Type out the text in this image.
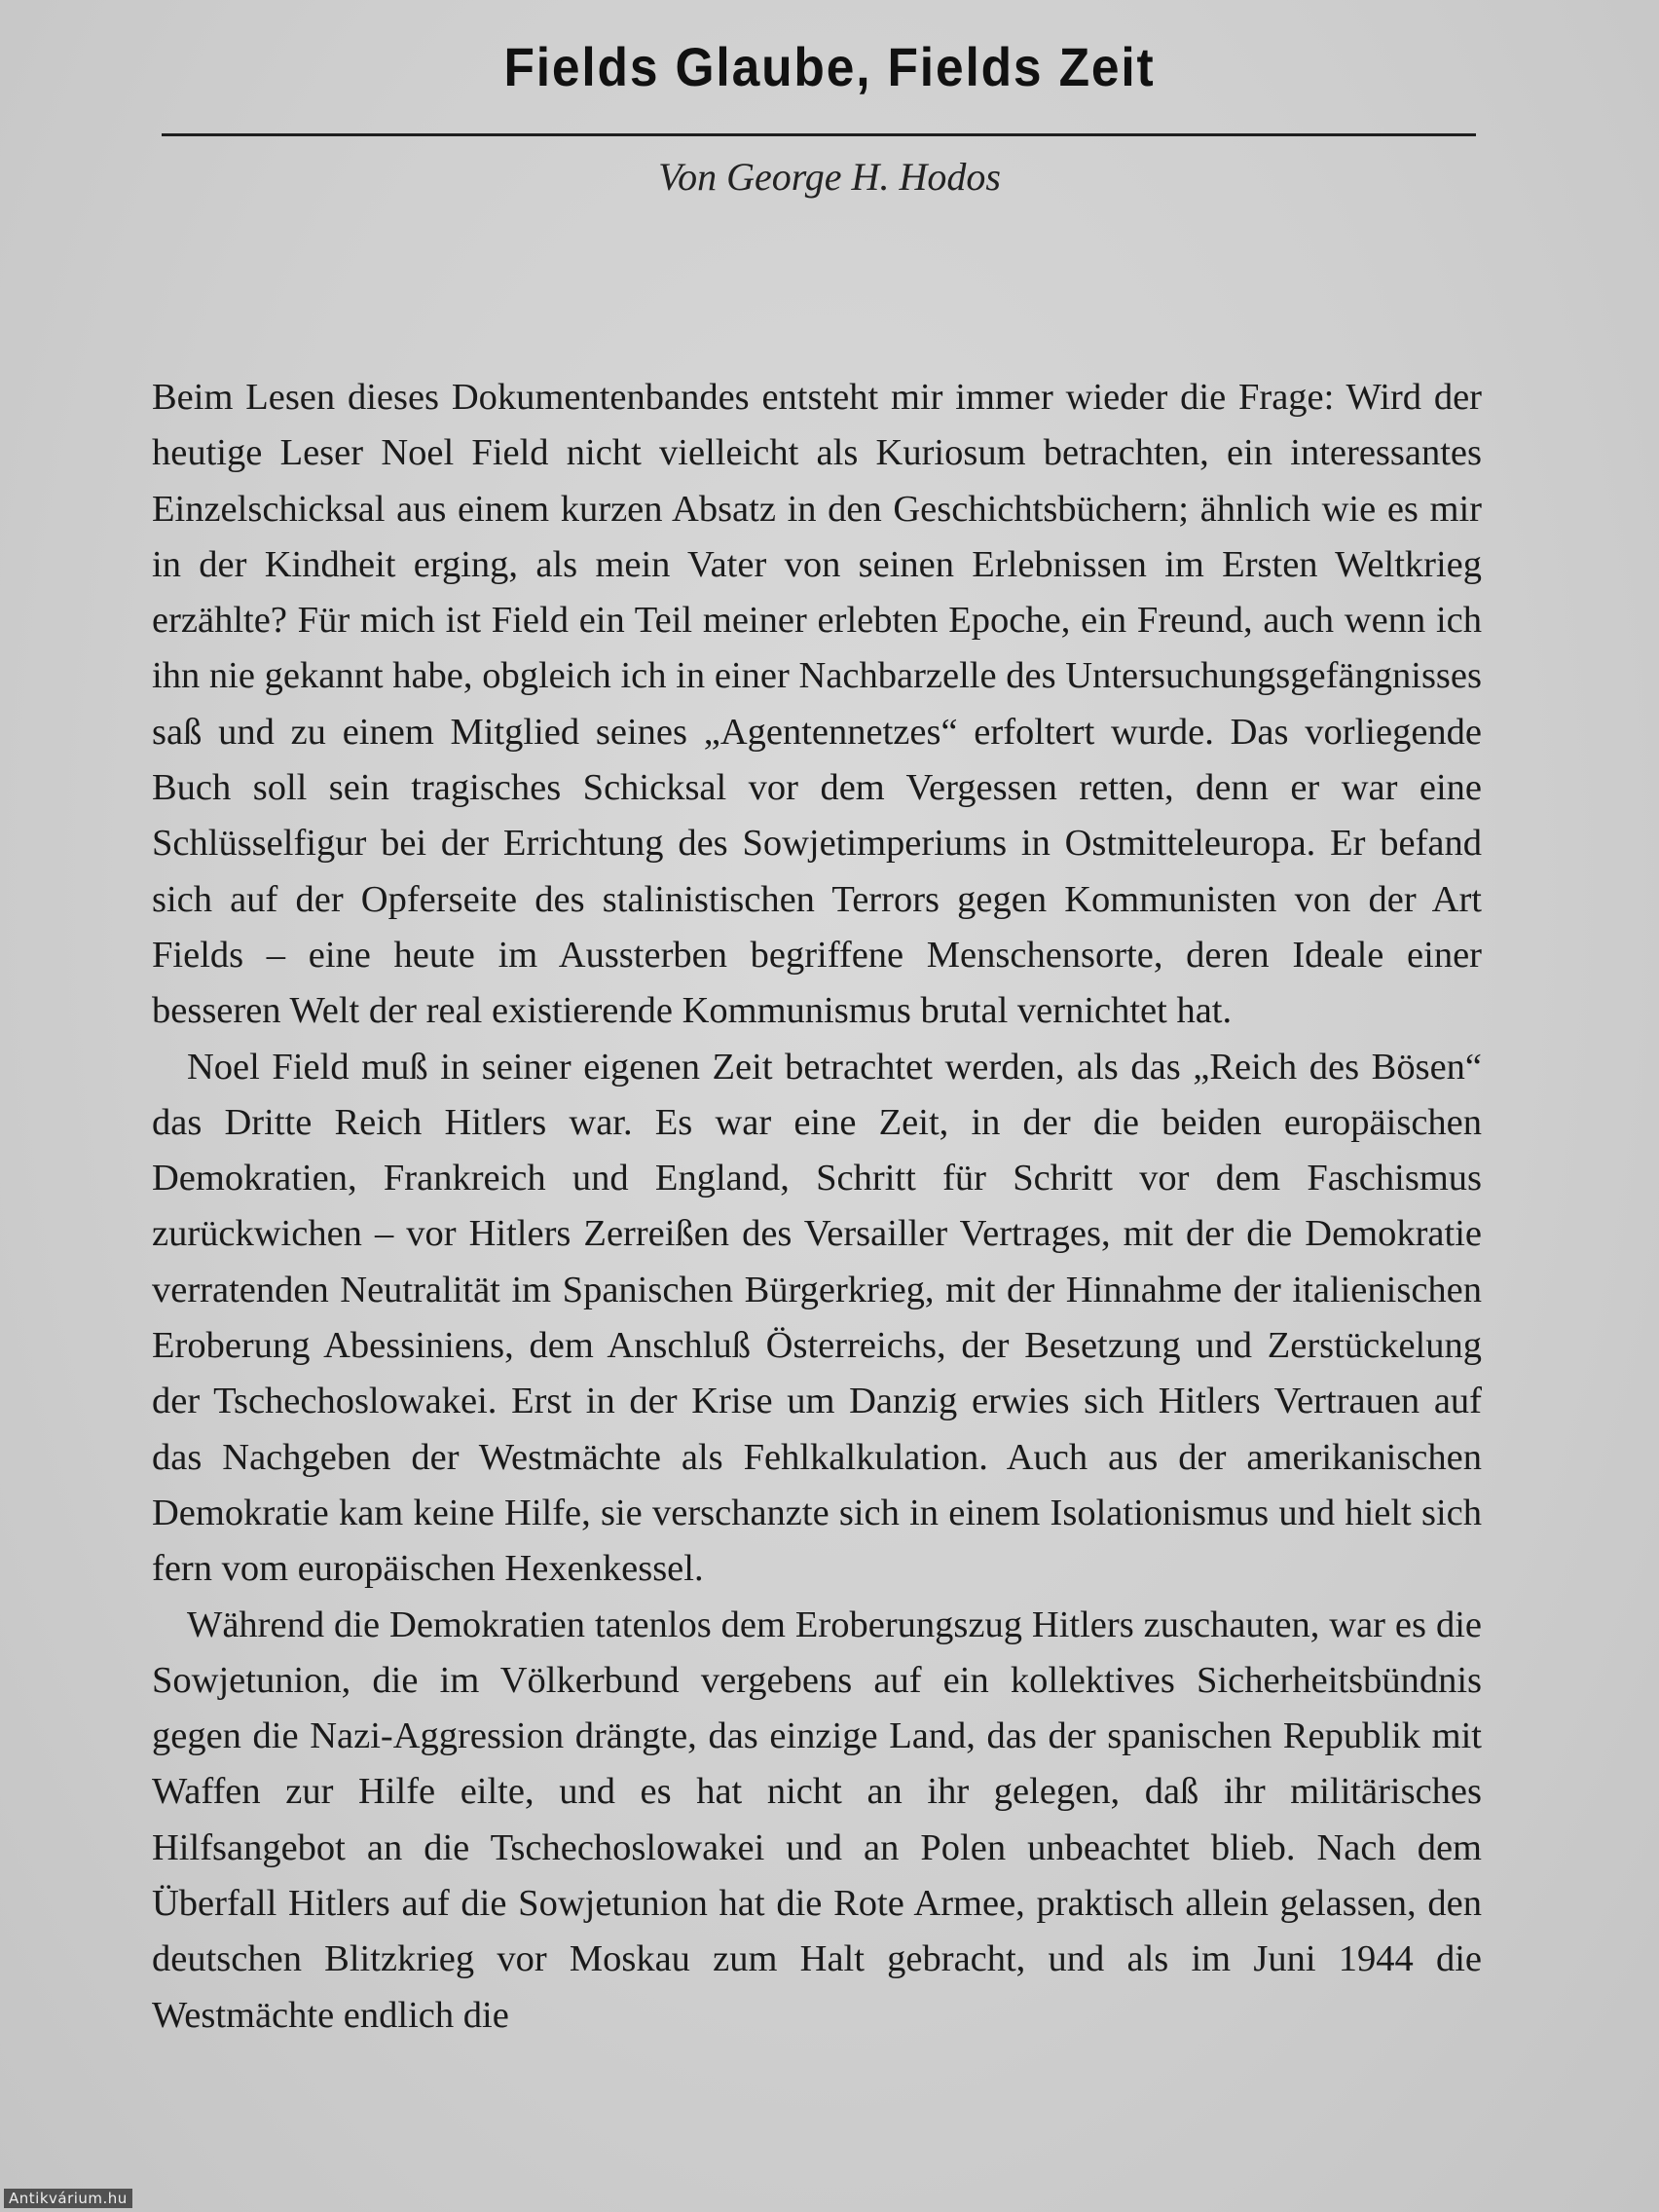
Fields Glaube, Fields Zeit

Von George H. Hodos

Beim Lesen dieses Dokumentenbandes entsteht mir immer wieder die Frage: Wird der heutige Leser Noel Field nicht vielleicht als Kuriosum betrachten, ein interessantes Einzelschicksal aus einem kurzen Absatz in den Geschichtsbüchern; ähnlich wie es mir in der Kindheit erging, als mein Vater von seinen Erlebnissen im Ersten Weltkrieg erzählte? Für mich ist Field ein Teil meiner erlebten Epoche, ein Freund, auch wenn ich ihn nie gekannt habe, obgleich ich in einer Nachbarzelle des Untersuchungsgefängnisses saß und zu einem Mitglied seines „Agentennetzes“ erfoltert wurde. Das vorliegende Buch soll sein tragisches Schicksal vor dem Vergessen retten, denn er war eine Schlüsselfigur bei der Errichtung des Sowjetimperiums in Ostmitteleuropa. Er befand sich auf der Opferseite des stalinistischen Terrors gegen Kommunisten von der Art Fields – eine heute im Aussterben begriffene Menschensorte, deren Ideale einer besseren Welt der real existierende Kommunismus brutal vernichtet hat.

Noel Field muß in seiner eigenen Zeit betrachtet werden, als das „Reich des Bösen“ das Dritte Reich Hitlers war. Es war eine Zeit, in der die beiden europäischen Demokratien, Frankreich und England, Schritt für Schritt vor dem Faschismus zurückwichen – vor Hitlers Zerreißen des Versailler Vertrages, mit der die Demokratie verratenden Neutralität im Spanischen Bürgerkrieg, mit der Hinnahme der italienischen Eroberung Abessiniens, dem Anschluß Österreichs, der Besetzung und Zerstückelung der Tschechoslowakei. Erst in der Krise um Danzig erwies sich Hitlers Vertrauen auf das Nachgeben der Westmächte als Fehlkalkulation. Auch aus der amerikanischen Demokratie kam keine Hilfe, sie verschanzte sich in einem Isolationismus und hielt sich fern vom europäischen Hexenkessel.

Während die Demokratien tatenlos dem Eroberungszug Hitlers zuschauten, war es die Sowjetunion, die im Völkerbund vergebens auf ein kollektives Sicherheitsbündnis gegen die Nazi-Aggression drängte, das einzige Land, das der spanischen Republik mit Waffen zur Hilfe eilte, und es hat nicht an ihr gelegen, daß ihr militärisches Hilfsangebot an die Tschechoslowakei und an Polen unbeachtet blieb. Nach dem Überfall Hitlers auf die Sowjetunion hat die Rote Armee, praktisch allein gelassen, den deutschen Blitzkrieg vor Moskau zum Halt gebracht, und als im Juni 1944 die Westmächte endlich die

Antikvárium.hu
